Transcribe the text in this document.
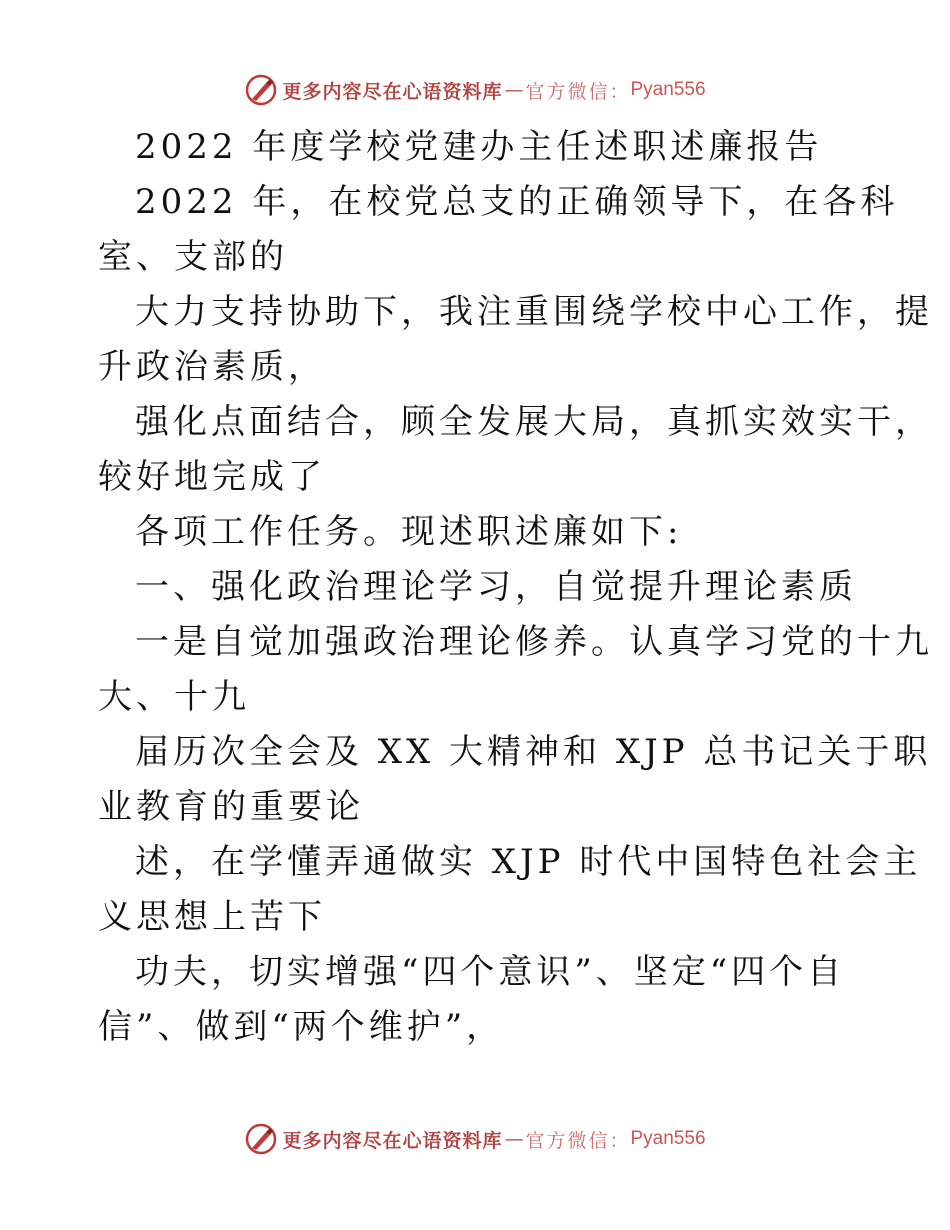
更多内容尽在心语资料库 — 官方微信： Pyan556
2022 年度学校党建办主任述职述廉报告
2022 年，在校党总支的正确领导下，在各科
室、支部的
大力支持协助下，我注重围绕学校中心工作，提
升政治素质，
强化点面结合，顾全发展大局，真抓实效实干，
较好地完成了
各项工作任务。现述职述廉如下:
一、强化政治理论学习，自觉提升理论素质
一是自觉加强政治理论修养。认真学习党的十九
大、十九
届历次全会及 XX 大精神和 XJP 总书记关于职
业教育的重要论
述，在学懂弄通做实 XJP 时代中国特色社会主
义思想上苦下
功夫，切实增强“四个意识”、坚定“四个自
信”、做到“两个维护”，
更多内容尽在心语资料库 — 官方微信： Pyan556
